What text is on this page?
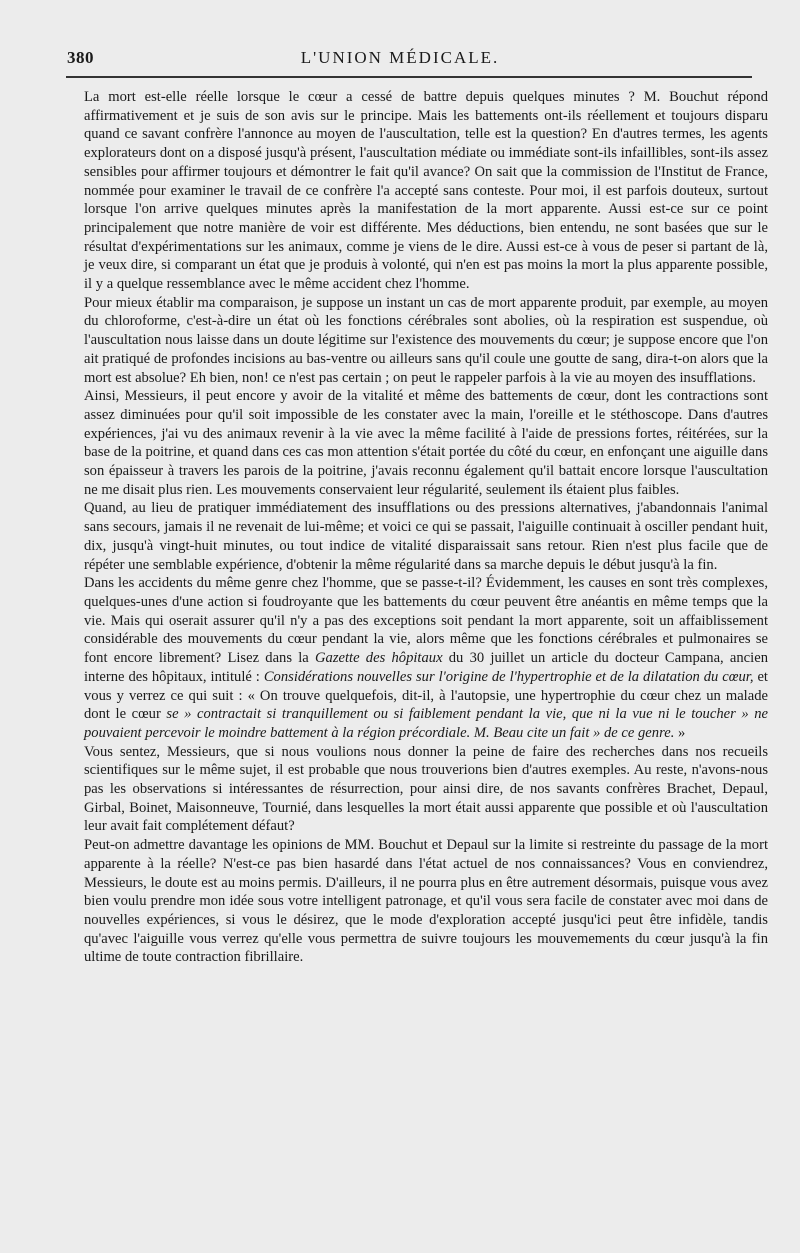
380	L'UNION MÉDICALE.

La mort est-elle réelle lorsque le cœur a cessé de battre depuis quelques minutes ? M. Bouchut répond affirmativement et je suis de son avis sur le principe. Mais les battements ont-ils réellement et toujours disparu quand ce savant confrère l'annonce au moyen de l'auscultation, telle est la question? En d'autres termes, les agents explorateurs dont on a disposé jusqu'à présent, l'auscultation médiate ou immédiate sont-ils infaillibles, sont-ils assez sensibles pour affirmer toujours et démontrer le fait qu'il avance? On sait que la commission de l'Institut de France, nommée pour examiner le travail de ce confrère l'a accepté sans conteste. Pour moi, il est parfois douteux, surtout lorsque l'on arrive quelques minutes après la manifestation de la mort apparente. Aussi est-ce sur ce point principalement que notre manière de voir est différente. Mes déductions, bien entendu, ne sont basées que sur le résultat d'expérimentations sur les animaux, comme je viens de le dire. Aussi est-ce à vous de peser si partant de là, je veux dire, si comparant un état que je produis à volonté, qui n'en est pas moins la mort la plus apparente possible, il y a quelque ressemblance avec le même accident chez l'homme.

Pour mieux établir ma comparaison, je suppose un instant un cas de mort apparente produit, par exemple, au moyen du chloroforme, c'est-à-dire un état où les fonctions cérébrales sont abolies, où la respiration est suspendue, où l'auscultation nous laisse dans un doute légitime sur l'existence des mouvements du cœur; je suppose encore que l'on ait pratiqué de profondes incisions au bas-ventre ou ailleurs sans qu'il coule une goutte de sang, dira-t-on alors que la mort est absolue? Eh bien, non! ce n'est pas certain ; on peut le rappeler parfois à la vie au moyen des insufflations.

Ainsi, Messieurs, il peut encore y avoir de la vitalité et même des battements de cœur, dont les contractions sont assez diminuées pour qu'il soit impossible de les constater avec la main, l'oreille et le stéthoscope. Dans d'autres expériences, j'ai vu des animaux revenir à la vie avec la même facilité à l'aide de pressions fortes, réitérées, sur la base de la poitrine, et quand dans ces cas mon attention s'était portée du côté du cœur, en enfonçant une aiguille dans son épaisseur à travers les parois de la poitrine, j'avais reconnu également qu'il battait encore lorsque l'auscultation ne me disait plus rien. Les mouvements conservaient leur régularité, seulement ils étaient plus faibles.

Quand, au lieu de pratiquer immédiatement des insufflations ou des pressions alternatives, j'abandonnais l'animal sans secours, jamais il ne revenait de lui-même; et voici ce qui se passait, l'aiguille continuait à osciller pendant huit, dix, jusqu'à vingt-huit minutes, ou tout indice de vitalité disparaissait sans retour. Rien n'est plus facile que de répéter une semblable expérience, d'obtenir la même régularité dans sa marche depuis le début jusqu'à la fin.

Dans les accidents du même genre chez l'homme, que se passe-t-il? Évidemment, les causes en sont très complexes, quelques-unes d'une action si foudroyante que les battements du cœur peuvent être anéantis en même temps que la vie. Mais qui oserait assurer qu'il n'y a pas des exceptions soit pendant la mort apparente, soit un affaiblissement considérable des mouvements du cœur pendant la vie, alors même que les fonctions cérébrales et pulmonaires se font encore librement? Lisez dans la Gazette des hôpitaux du 30 juillet un article du docteur Campana, ancien interne des hôpitaux, intitulé : Considérations nouvelles sur l'origine de l'hypertrophie et de la dilatation du cœur, et vous y verrez ce qui suit : « On trouve quelquefois, dit-il, à l'autopsie, une hypertrophie du cœur chez un malade dont le cœur se » contractait si tranquillement ou si faiblement pendant la vie, que ni la vue ni le toucher » ne pouvaient percevoir le moindre battement à la région précordiale. M. Beau cite un fait » de ce genre. »

Vous sentez, Messieurs, que si nous voulions nous donner la peine de faire des recherches dans nos recueils scientifiques sur le même sujet, il est probable que nous trouverions bien d'autres exemples. Au reste, n'avons-nous pas les observations si intéressantes de résurrection, pour ainsi dire, de nos savants confrères Brachet, Depaul, Girbal, Boinet, Maisonneuve, Tournié, dans lesquelles la mort était aussi apparente que possible et où l'auscultation leur avait fait complétement défaut?

Peut-on admettre davantage les opinions de MM. Bouchut et Depaul sur la limite si restreinte du passage de la mort apparente à la réelle? N'est-ce pas bien hasardé dans l'état actuel de nos connaissances? Vous en conviendrez, Messieurs, le doute est au moins permis. D'ailleurs, il ne pourra plus en être autrement désormais, puisque vous avez bien voulu prendre mon idée sous votre intelligent patronage, et qu'il vous sera facile de constater avec moi dans de nouvelles expériences, si vous le désirez, que le mode d'exploration accepté jusqu'ici peut être infidèle, tandis qu'avec l'aiguille vous verrez qu'elle vous permettra de suivre toujours les mouvemements du cœur jusqu'à la fin ultime de toute contraction fibrillaire.
